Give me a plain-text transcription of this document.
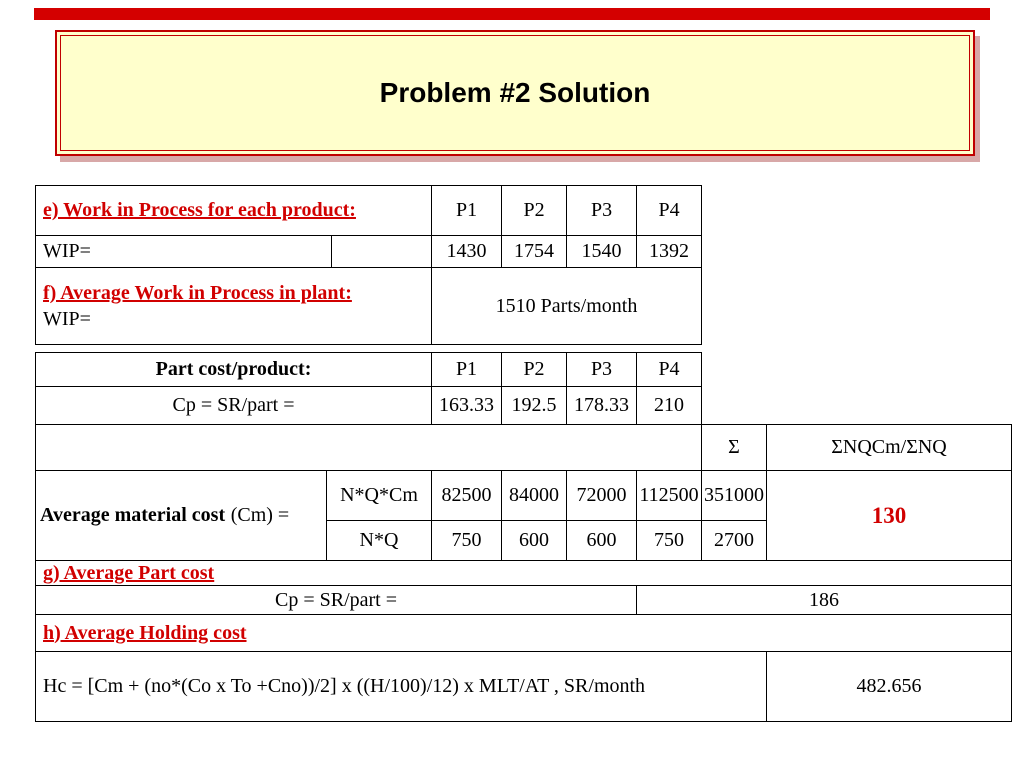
Problem #2 Solution
e) Work in Process for each product:		P1	P2	P3	P4
WIP=		1430	1754	1540	1392

f) Average Work in Process in plant:
WIP=		1510 Parts/month			
Part cost/product:	P1	P2	P3	P4
Cp = SR/part =	163.33	192.5	178.33	210
						Σ	ΣNQCm/ΣNQ
Average material cost (Cm) =	N*Q*Cm	82500	84000	72000	112500	351000	130
	N*Q	750	600	600	750	2700	
g) Average Part cost							
Cp = SR/part =					186		
h) Average Holding cost							
Hc = [Cm + (no*(Co x To +Cno))/2] x ((H/100)/12) x MLT/AT , SR/month							482.656
